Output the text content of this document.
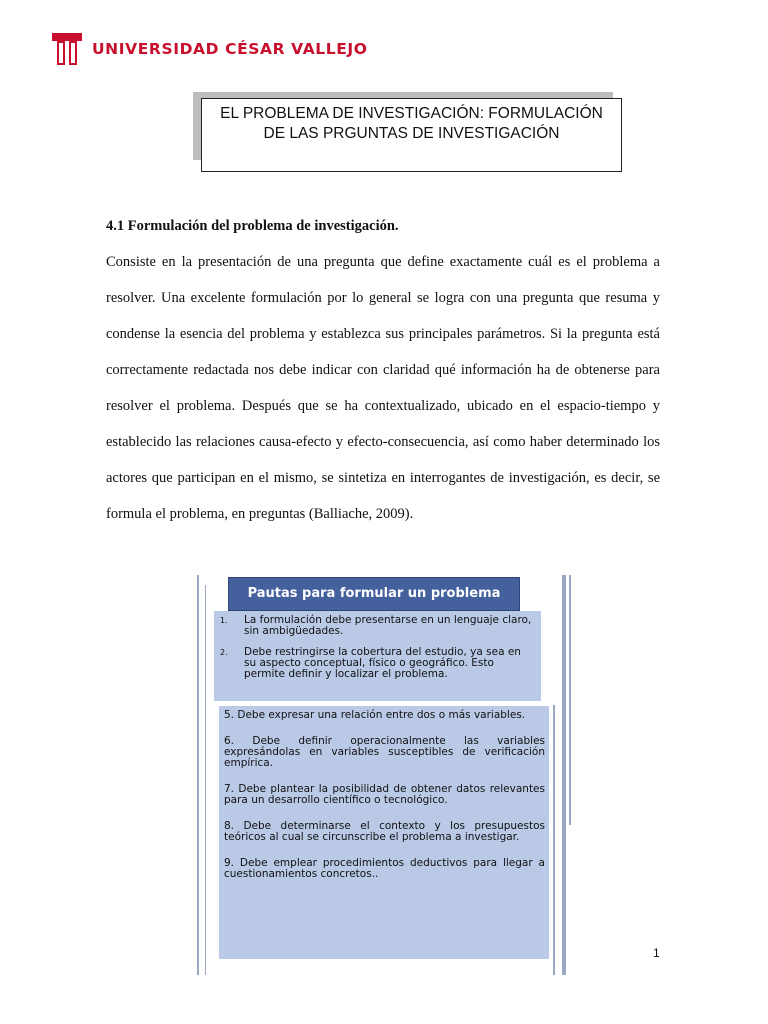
UNIVERSIDAD CÉSAR VALLEJO
EL PROBLEMA DE INVESTIGACIÓN: FORMULACIÓN
DE LAS PRGUNTAS DE INVESTIGACIÓN
4.1 Formulación del problema de investigación.

Consiste en la presentación de una pregunta que define exactamente cuál es el problema a resolver. Una excelente formulación por lo general se logra con una pregunta que resuma y condense la esencia del problema y establezca sus principales parámetros. Si la pregunta está correctamente redactada nos debe indicar con claridad qué información ha de obtenerse para resolver el problema. Después que se ha contextualizado, ubicado en el espacio-tiempo y establecido las relaciones causa-efecto y efecto-consecuencia, así como haber determinado los actores que participan en el mismo, se sintetiza en interrogantes de investigación, es decir, se formula el problema, en preguntas (Balliache, 2009).

Pautas para formular un problema
1.	La formulación debe presentarse en un lenguaje claro, sin ambigüedades.
2.	Debe restringirse la cobertura del estudio, ya sea en su aspecto conceptual, físico o geográfico. Esto permite definir y localizar el problema.
5. Debe expresar una relación entre dos o más variables.
6. Debe definir operacionalmente las variables expresándolas en variables susceptibles de verificación empírica.
7. Debe plantear la posibilidad de obtener datos relevantes para un desarrollo científico o tecnológico.
8. Debe determinarse el contexto y los presupuestos teóricos al cual se circunscribe el problema a investigar.
9. Debe emplear procedimientos deductivos para llegar a cuestionamientos concretos..
1
